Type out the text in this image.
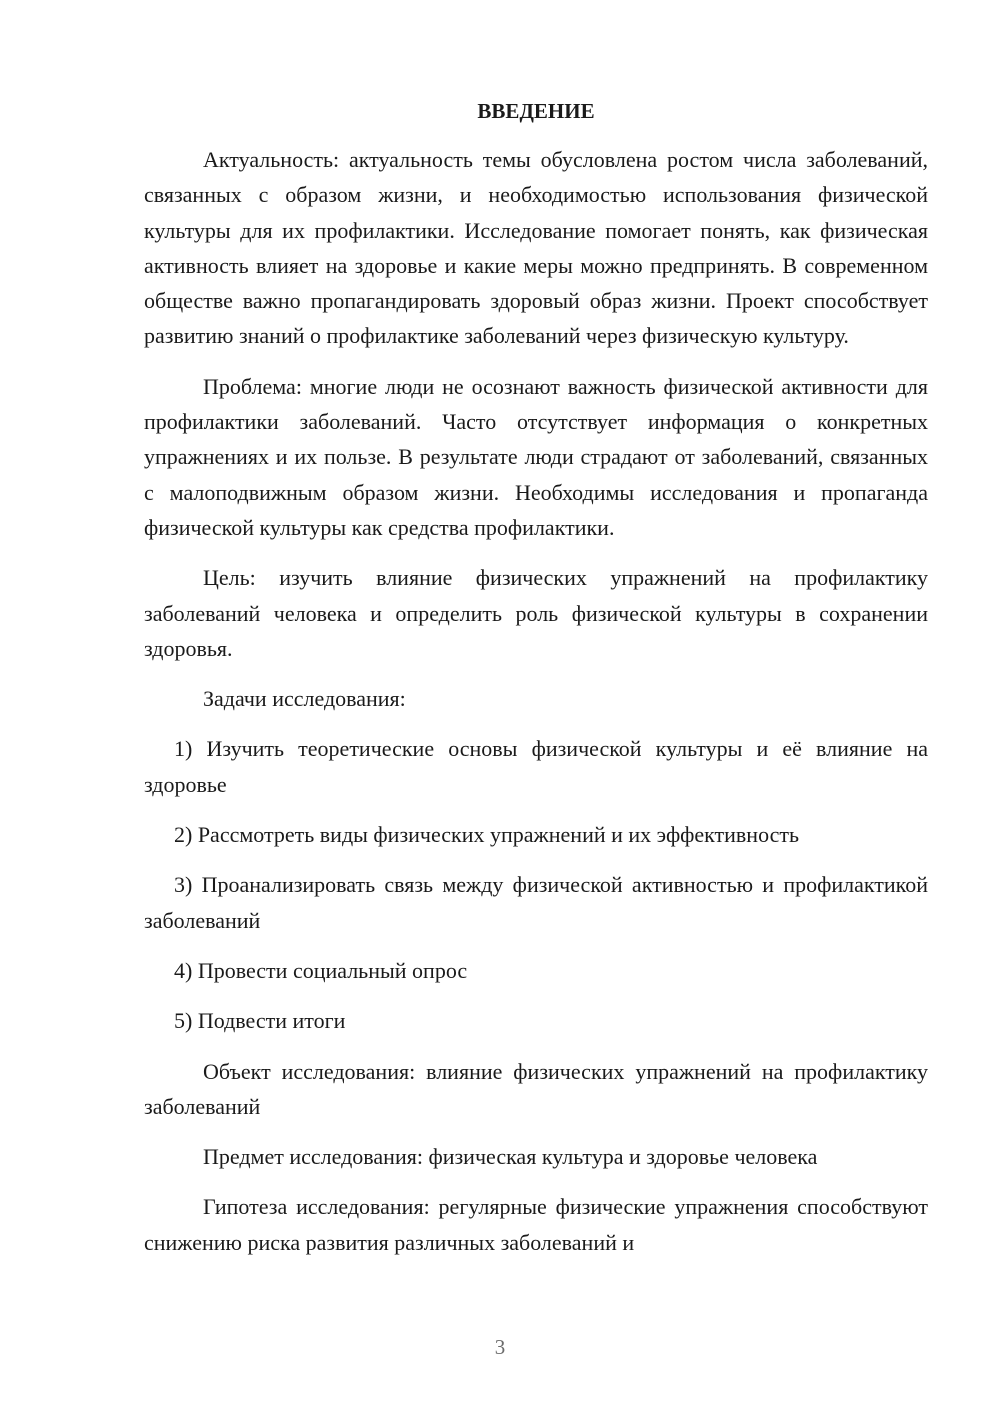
ВВЕДЕНИЕ

Актуальность: актуальность темы обусловлена ростом числа заболеваний, связанных с образом жизни, и необходимостью использования физической культуры для их профилактики. Исследование помогает понять, как физическая активность влияет на здоровье и какие меры можно предпринять. В современном обществе важно пропагандировать здоровый образ жизни. Проект способствует развитию знаний о профилактике заболеваний через физическую культуру.

Проблема: многие люди не осознают важность физической активности для профилактики заболеваний. Часто отсутствует информация о конкретных упражнениях и их пользе. В результате люди страдают от заболеваний, связанных с малоподвижным образом жизни. Необходимы исследования и пропаганда физической культуры как средства профилактики.

Цель: изучить влияние физических упражнений на профилактику заболеваний человека и определить роль физической культуры в сохранении здоровья.

Задачи исследования:

1) Изучить теоретические основы физической культуры и её влияние на здоровье

2) Рассмотреть виды физических упражнений и их эффективность

3) Проанализировать связь между физической активностью и профилактикой заболеваний

4) Провести социальный опрос

5) Подвести итоги

Объект исследования: влияние физических упражнений на профилактику заболеваний

Предмет исследования: физическая культура и здоровье человека

Гипотеза исследования: регулярные физические упражнения способствуют снижению риска развития различных заболеваний и

3
